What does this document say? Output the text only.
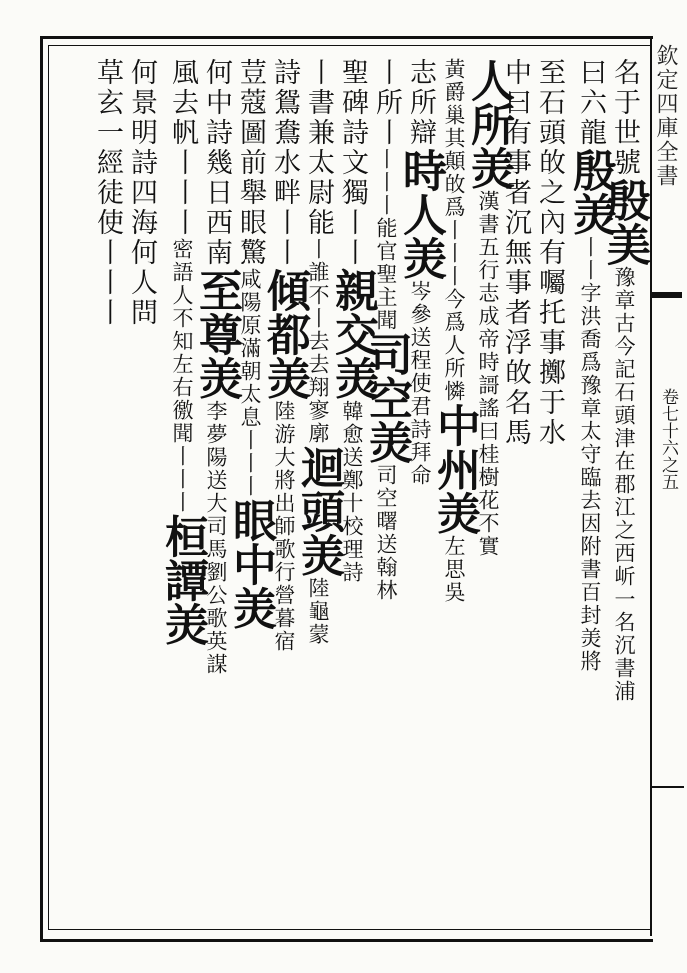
欽定四庫全書
卷七十六之五
名于世號殷美豫章古今記石頭津在郡江之西岓一名沉書浦
曰六龍殷羙丨丨字洪喬爲豫章太守臨去因附書百封羙將
至石頭敀之內有囑托事擲于水
中曰有事者沉無事者浮敀名馬
人所羙漢書五行志成帝時謌謠曰桂樹花不實
黃爵巢其顛敀爲丨丨丨今爲人所憐中州羙左思吳
志所辯時人羙岑參送程使君詩拜命
丨所丨丨丨丨能官聖主聞司空羙司空曙送翰林
聖碑詩文獨丨丨親交羙韓愈送鄭十校理詩
丨書兼太尉能丨誰不丨去去翔寥廓迴頭羙陸龜蒙
詩鴛鴦水畔丨丨傾都羙陸游大將出師歌行營暮宿
荳蔻圖前舉眼驚咸陽原滿朝太息丨丨丨眼中羙
何中詩幾日西南至尊羙李夢陽送大司馬劉公歌英謀
風去帆丨丨丨密語人不知左右徼聞丨丨丨桓譚羙
何景明詩四海何人問
草玄一經徒使丨丨丨
